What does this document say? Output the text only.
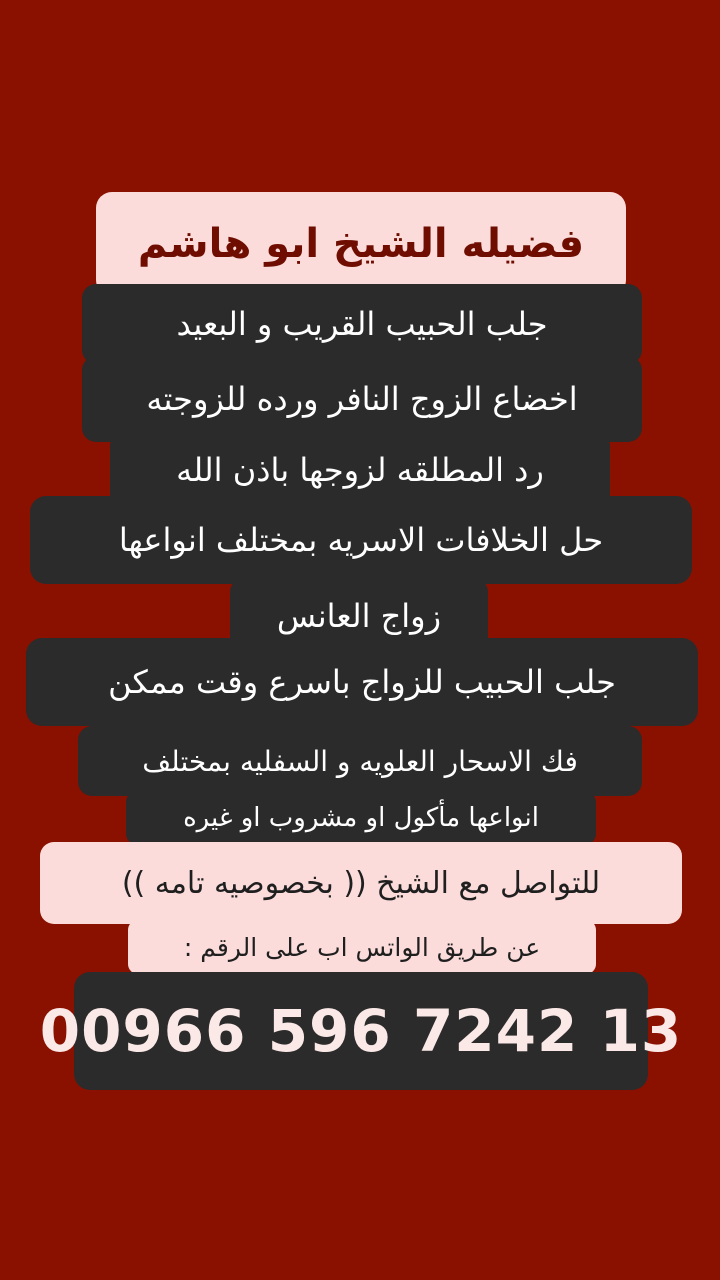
فضيله الشيخ ابو هاشم
جلب الحبيب القريب و البعيد
اخضاع الزوج النافر ورده للزوجته
رد المطلقه لزوجها باذن الله
حل الخلافات الاسريه بمختلف انواعها
زواج العانس
جلب الحبيب للزواج باسرع وقت ممكن
فك الاسحار العلويه و السفليه بمختلف
انواعها مأكول او مشروب او غيره
للتواصل مع الشيخ (( بخصوصيه تامه ))
عن طريق الواتس اب على الرقم :
00966 596 7242 13
